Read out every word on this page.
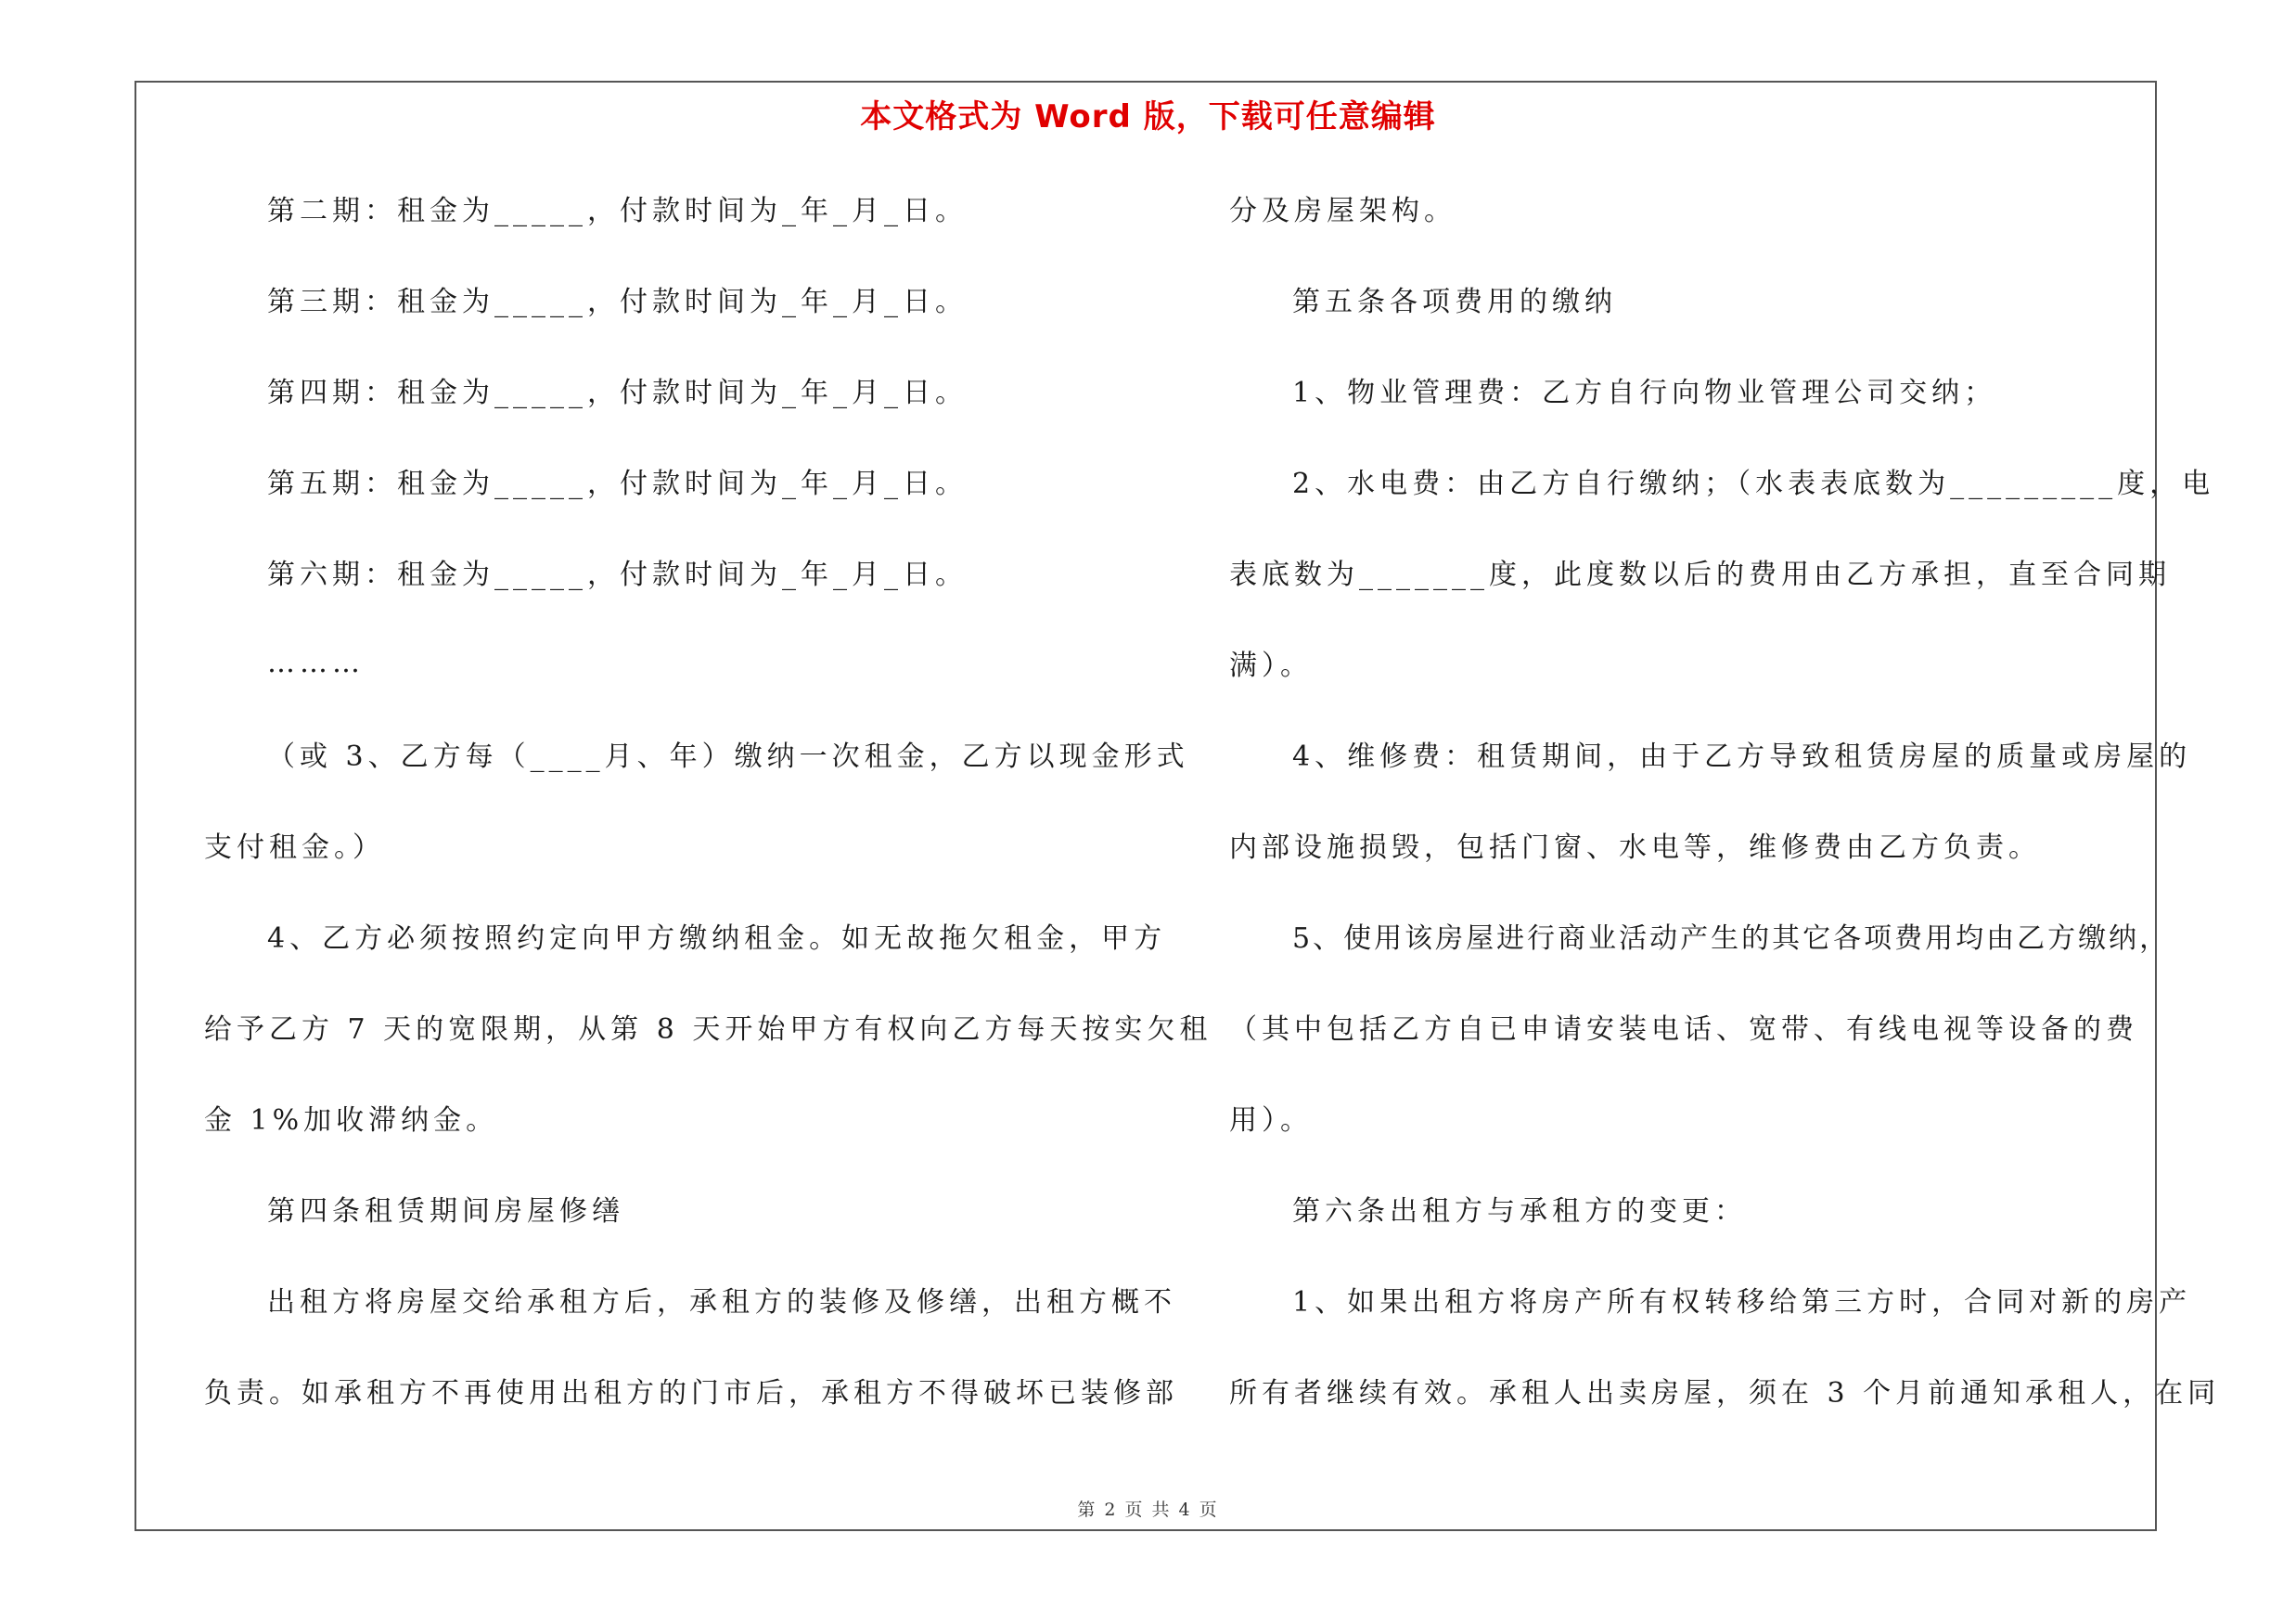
本文格式为 Word 版，下载可任意编辑
第二期：租金为_____，付款时间为_年_月_日。
第三期：租金为_____，付款时间为_年_月_日。
第四期：租金为_____，付款时间为_年_月_日。
第五期：租金为_____，付款时间为_年_月_日。
第六期：租金为_____，付款时间为_年_月_日。
………
（或 3、乙方每（____月、年）缴纳一次租金，乙方以现金形式
支付租金。）
4、乙方必须按照约定向甲方缴纳租金。如无故拖欠租金，甲方
给予乙方 7 天的宽限期，从第 8 天开始甲方有权向乙方每天按实欠租
金 1%加收滞纳金。
第四条租赁期间房屋修缮
出租方将房屋交给承租方后，承租方的装修及修缮，出租方概不
负责。如承租方不再使用出租方的门市后，承租方不得破坏已装修部
分及房屋架构。
第五条各项费用的缴纳
1、物业管理费：乙方自行向物业管理公司交纳；
2、水电费：由乙方自行缴纳；（水表表底数为_________度，电
表底数为_______度，此度数以后的费用由乙方承担，直至合同期
满）。
4、维修费：租赁期间，由于乙方导致租赁房屋的质量或房屋的
内部设施损毁，包括门窗、水电等，维修费由乙方负责。
5、使用该房屋进行商业活动产生的其它各项费用均由乙方缴纳，
（其中包括乙方自已申请安装电话、宽带、有线电视等设备的费
用）。
第六条出租方与承租方的变更：
1、如果出租方将房产所有权转移给第三方时，合同对新的房产
所有者继续有效。承租人出卖房屋，须在 3 个月前通知承租人，在同
第 2 页 共 4 页
